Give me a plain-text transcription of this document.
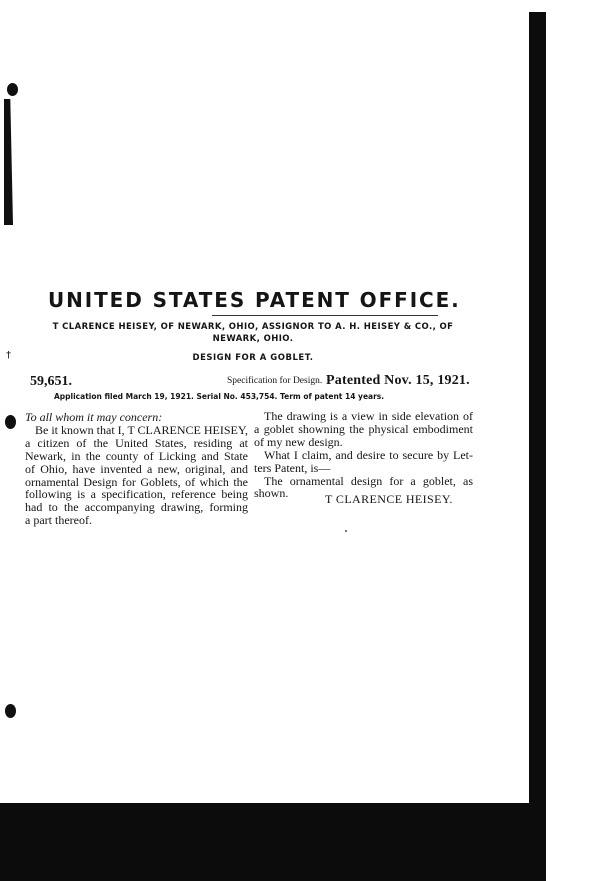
†
UNITED STATES PATENT OFFICE.
T CLARENCE HEISEY, OF NEWARK, OHIO, ASSIGNOR TO A. H. HEISEY & CO., OF
NEWARK, OHIO.
DESIGN FOR A GOBLET.
59,651.	Specification for Design. Patented Nov. 15, 1921.
Application filed March 19, 1921. Serial No. 453,754. Term of patent 14 years.
To all whom it may concern:
Be it known that I, T CLARENCE HEISEY,
a citizen of the United States, residing at
Newark, in the county of Licking and State
of Ohio, have invented a new, original, and
ornamental Design for Goblets, of which the
following is a specification, reference being
had to the accompanying drawing, forming
a part thereof.
The drawing is a view in side elevation of
a goblet showning the physical embodiment
of my new design.
What I claim, and desire to secure by Let-
ters Patent, is—
The ornamental design for a goblet, as
shown.	T CLARENCE HEISEY.
